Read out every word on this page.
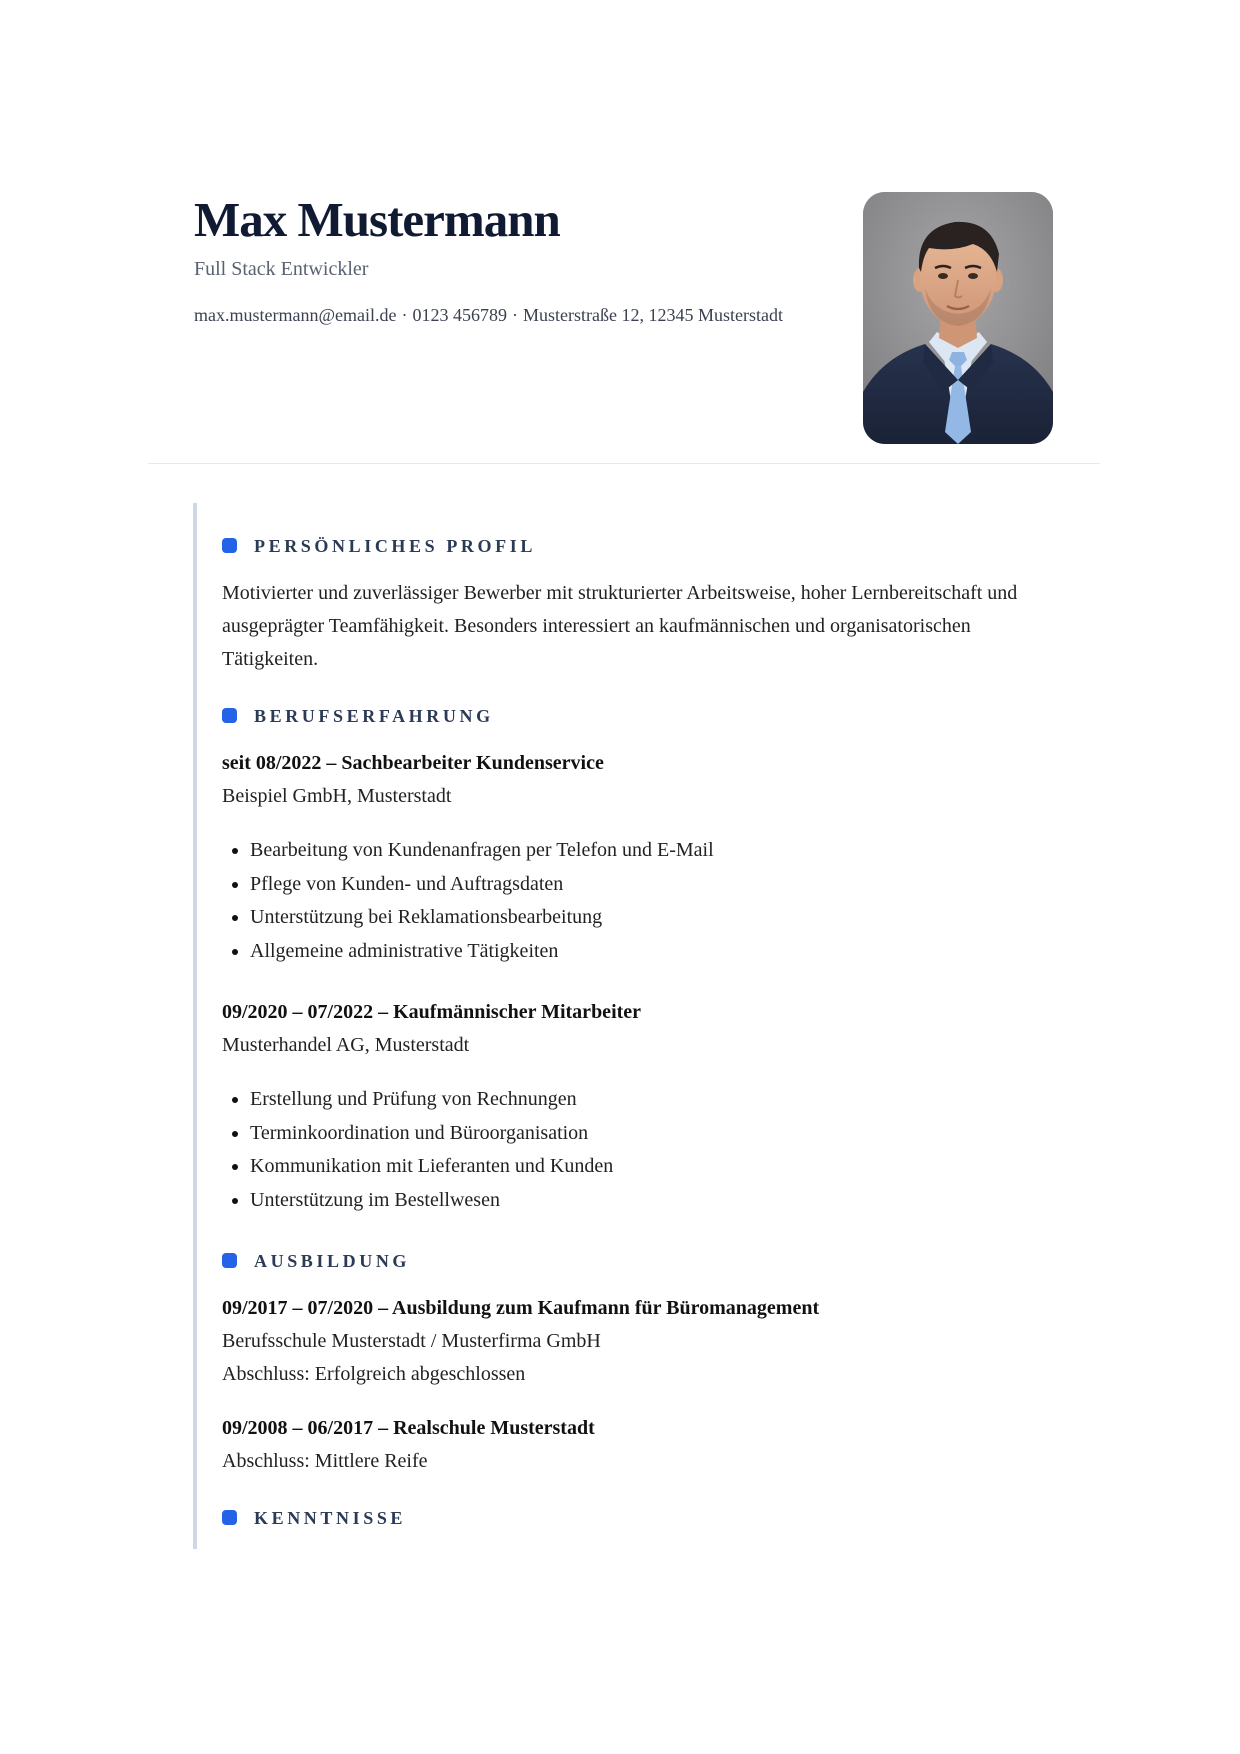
Max Mustermann
Full Stack Entwickler
max.mustermann@email.de · 0123 456789 · Musterstraße 12, 12345 Musterstadt
PERSÖNLICHES PROFIL
Motivierter und zuverlässiger Bewerber mit strukturierter Arbeitsweise, hoher Lernbereitschaft und ausgeprägter Teamfähigkeit. Besonders interessiert an kaufmännischen und organisatorischen Tätigkeiten.
BERUFSERFAHRUNG
seit 08/2022 – Sachbearbeiter Kundenservice
Beispiel GmbH, Musterstadt
Bearbeitung von Kundenanfragen per Telefon und E-Mail
Pflege von Kunden- und Auftragsdaten
Unterstützung bei Reklamationsbearbeitung
Allgemeine administrative Tätigkeiten
09/2020 – 07/2022 – Kaufmännischer Mitarbeiter
Musterhandel AG, Musterstadt
Erstellung und Prüfung von Rechnungen
Terminkoordination und Büroorganisation
Kommunikation mit Lieferanten und Kunden
Unterstützung im Bestellwesen
AUSBILDUNG
09/2017 – 07/2020 – Ausbildung zum Kaufmann für Büromanagement
Berufsschule Musterstadt / Musterfirma GmbH
Abschluss: Erfolgreich abgeschlossen
09/2008 – 06/2017 – Realschule Musterstadt
Abschluss: Mittlere Reife
KENNTNISSE
